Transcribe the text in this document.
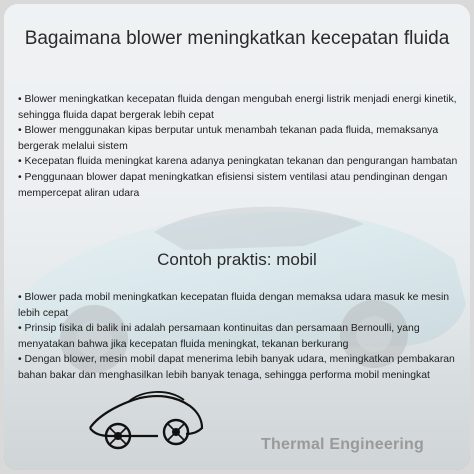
Bagaimana blower meningkatkan kecepatan fluida

• Blower meningkatkan kecepatan fluida dengan mengubah energi listrik menjadi energi kinetik, sehingga fluida dapat bergerak lebih cepat

• Blower menggunakan kipas berputar untuk menambah tekanan pada fluida, memaksanya bergerak melalui sistem

• Kecepatan fluida meningkat karena adanya peningkatan tekanan dan pengurangan hambatan

• Penggunaan blower dapat meningkatkan efisiensi sistem ventilasi atau pendinginan dengan mempercepat aliran udara

Contoh praktis: mobil

• Blower pada mobil meningkatkan kecepatan fluida dengan memaksa udara masuk ke mesin lebih cepat

• Prinsip fisika di balik ini adalah persamaan kontinuitas dan persamaan Bernoulli, yang menyatakan bahwa jika kecepatan fluida meningkat, tekanan berkurang

• Dengan blower, mesin mobil dapat menerima lebih banyak udara, meningkatkan pembakaran bahan bakar dan menghasilkan lebih banyak tenaga, sehingga performa mobil meningkat

Thermal Engineering
